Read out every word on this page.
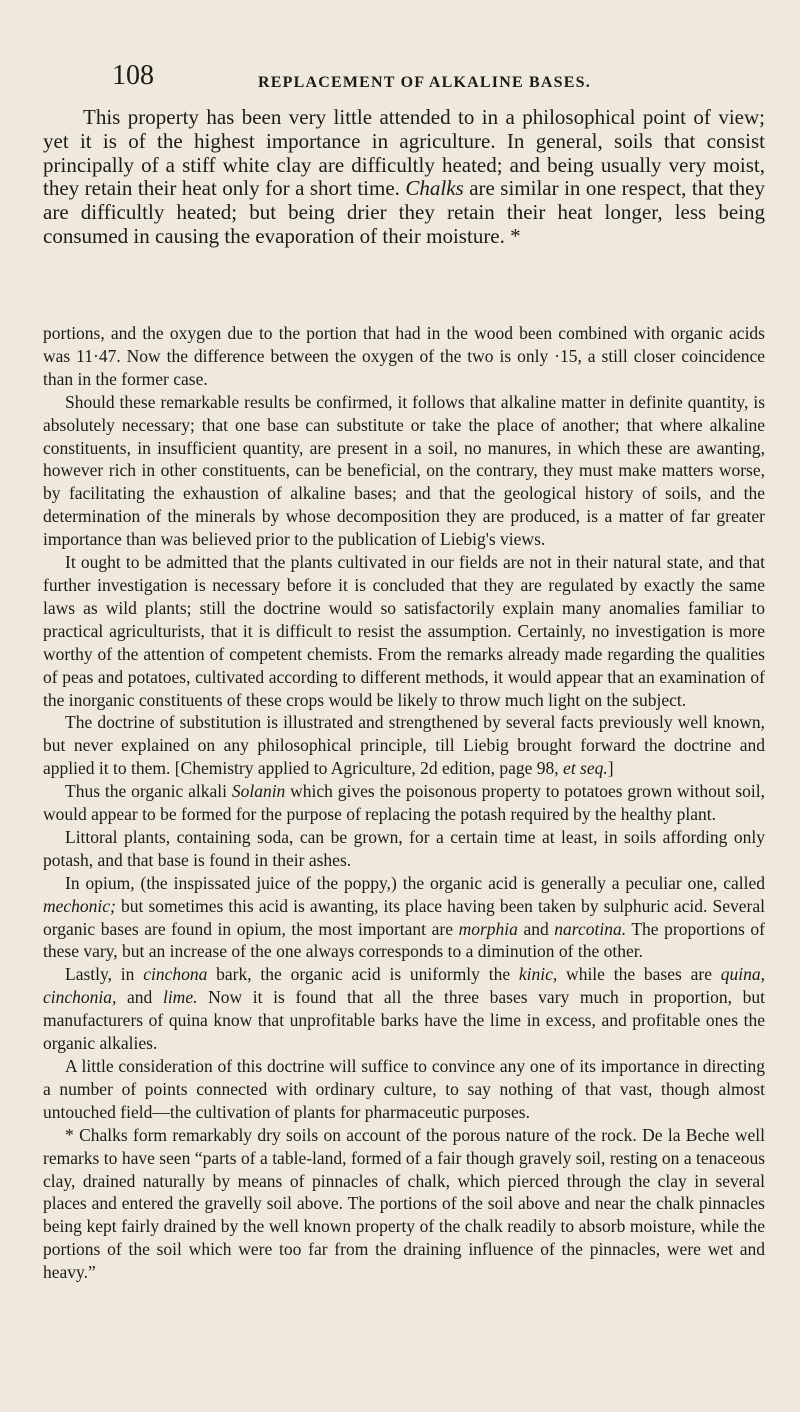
108	REPLACEMENT OF ALKALINE BASES.

This property has been very little attended to in a philosophical point of view; yet it is of the highest importance in agriculture. In general, soils that consist principally of a stiff white clay are difficultly heated; and being usually very moist, they retain their heat only for a short time. Chalks are similar in one respect, that they are difficultly heated; but being drier they retain their heat longer, less being consumed in causing the evaporation of their moisture. *

portions, and the oxygen due to the portion that had in the wood been combined with organic acids was 11·47. Now the difference between the oxygen of the two is only ·15, a still closer coincidence than in the former case.

Should these remarkable results be confirmed, it follows that alkaline matter in definite quantity, is absolutely necessary; that one base can substitute or take the place of another; that where alkaline constituents, in insufficient quantity, are present in a soil, no manures, in which these are awanting, however rich in other constituents, can be beneficial, on the contrary, they must make matters worse, by facilitating the exhaustion of alkaline bases; and that the geological history of soils, and the determination of the minerals by whose decomposition they are produced, is a matter of far greater importance than was believed prior to the publication of Liebig's views.

It ought to be admitted that the plants cultivated in our fields are not in their natural state, and that further investigation is necessary before it is concluded that they are regulated by exactly the same laws as wild plants; still the doctrine would so satisfactorily explain many anomalies familiar to practical agriculturists, that it is difficult to resist the assumption. Certainly, no investigation is more worthy of the attention of competent chemists. From the remarks already made regarding the qualities of peas and potatoes, cultivated according to different methods, it would appear that an examination of the inorganic constituents of these crops would be likely to throw much light on the subject.

The doctrine of substitution is illustrated and strengthened by several facts previously well known, but never explained on any philosophical principle, till Liebig brought forward the doctrine and applied it to them. [Chemistry applied to Agriculture, 2d edition, page 98, et seq.]

Thus the organic alkali Solanin which gives the poisonous property to potatoes grown without soil, would appear to be formed for the purpose of replacing the potash required by the healthy plant.

Littoral plants, containing soda, can be grown, for a certain time at least, in soils affording only potash, and that base is found in their ashes.

In opium, (the inspissated juice of the poppy,) the organic acid is generally a peculiar one, called mechonic; but sometimes this acid is awanting, its place having been taken by sulphuric acid. Several organic bases are found in opium, the most important are morphia and narcotina. The proportions of these vary, but an increase of the one always corresponds to a diminution of the other.

Lastly, in cinchona bark, the organic acid is uniformly the kinic, while the bases are quina, cinchonia, and lime. Now it is found that all the three bases vary much in proportion, but manufacturers of quina know that unprofitable barks have the lime in excess, and profitable ones the organic alkalies.

A little consideration of this doctrine will suffice to convince any one of its importance in directing a number of points connected with ordinary culture, to say nothing of that vast, though almost untouched field—the cultivation of plants for pharmaceutic purposes.

* Chalks form remarkably dry soils on account of the porous nature of the rock. De la Beche well remarks to have seen “parts of a table-land, formed of a fair though gravely soil, resting on a tenaceous clay, drained naturally by means of pinnacles of chalk, which pierced through the clay in several places and entered the gravelly soil above. The portions of the soil above and near the chalk pinnacles being kept fairly drained by the well known property of the chalk readily to absorb moisture, while the portions of the soil which were too far from the draining influence of the pinnacles, were wet and heavy.”
